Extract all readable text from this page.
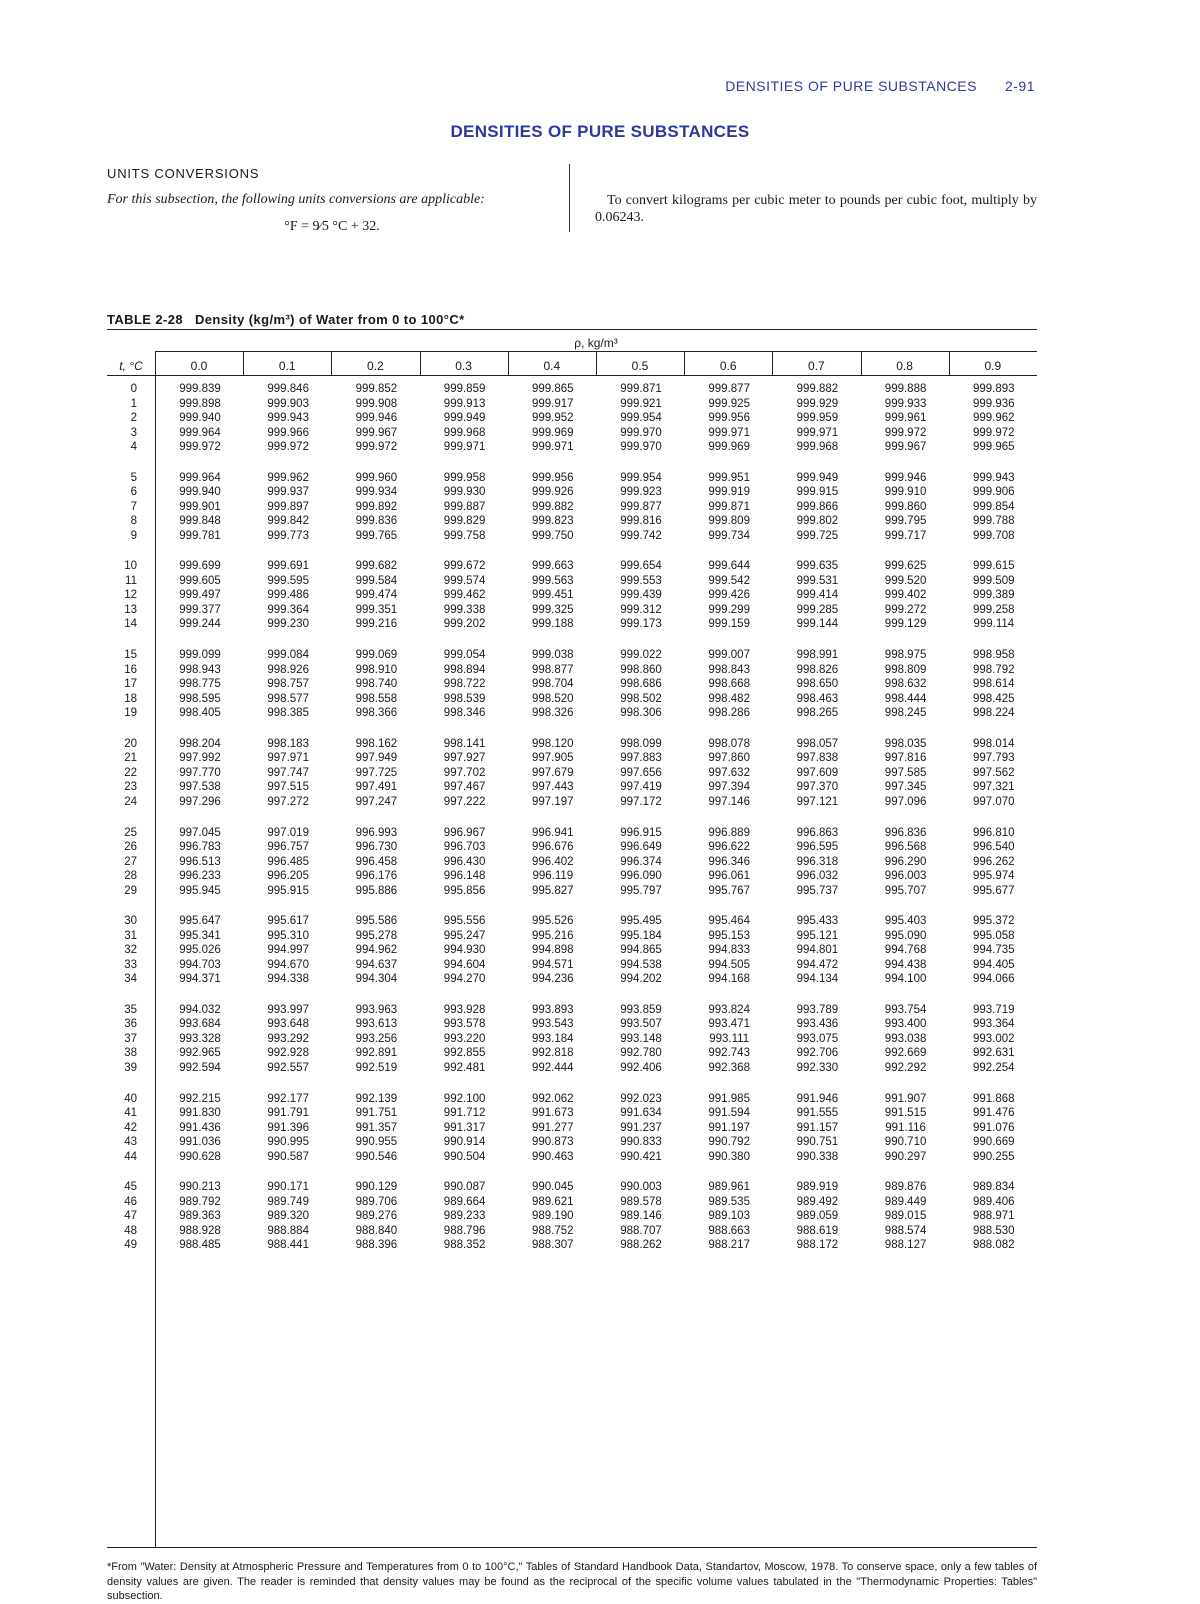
DENSITIES OF PURE SUBSTANCES 2-91
DENSITIES OF PURE SUBSTANCES
UNITS CONVERSIONS
For this subsection, the following units conversions are applicable:
°F = 9⁄5 °C + 32.
To convert kilograms per cubic meter to pounds per cubic foot, multiply by 0.06243.
TABLE 2-28 Density (kg/m³) of Water from 0 to 100°C*
ρ, kg/m³
t, °C	0.0	0.1	0.2	0.3	0.4	0.5	0.6	0.7	0.8	0.9
0	999.839	999.846	999.852	999.859	999.865	999.871	999.877	999.882	999.888	999.893
1	999.898	999.903	999.908	999.913	999.917	999.921	999.925	999.929	999.933	999.936
2	999.940	999.943	999.946	999.949	999.952	999.954	999.956	999.959	999.961	999.962
3	999.964	999.966	999.967	999.968	999.969	999.970	999.971	999.971	999.972	999.972
4	999.972	999.972	999.972	999.971	999.971	999.970	999.969	999.968	999.967	999.965
5	999.964	999.962	999.960	999.958	999.956	999.954	999.951	999.949	999.946	999.943
6	999.940	999.937	999.934	999.930	999.926	999.923	999.919	999.915	999.910	999.906
7	999.901	999.897	999.892	999.887	999.882	999.877	999.871	999.866	999.860	999.854
8	999.848	999.842	999.836	999.829	999.823	999.816	999.809	999.802	999.795	999.788
9	999.781	999.773	999.765	999.758	999.750	999.742	999.734	999.725	999.717	999.708
10	999.699	999.691	999.682	999.672	999.663	999.654	999.644	999.635	999.625	999.615
11	999.605	999.595	999.584	999.574	999.563	999.553	999.542	999.531	999.520	999.509
12	999.497	999.486	999.474	999.462	999.451	999.439	999.426	999.414	999.402	999.389
13	999.377	999.364	999.351	999.338	999.325	999.312	999.299	999.285	999.272	999.258
14	999.244	999.230	999.216	999.202	999.188	999.173	999.159	999.144	999.129	999.114
15	999.099	999.084	999.069	999.054	999.038	999.022	999.007	998.991	998.975	998.958
16	998.943	998.926	998.910	998.894	998.877	998.860	998.843	998.826	998.809	998.792
17	998.775	998.757	998.740	998.722	998.704	998.686	998.668	998.650	998.632	998.614
18	998.595	998.577	998.558	998.539	998.520	998.502	998.482	998.463	998.444	998.425
19	998.405	998.385	998.366	998.346	998.326	998.306	998.286	998.265	998.245	998.224
20	998.204	998.183	998.162	998.141	998.120	998.099	998.078	998.057	998.035	998.014
21	997.992	997.971	997.949	997.927	997.905	997.883	997.860	997.838	997.816	997.793
22	997.770	997.747	997.725	997.702	997.679	997.656	997.632	997.609	997.585	997.562
23	997.538	997.515	997.491	997.467	997.443	997.419	997.394	997.370	997.345	997.321
24	997.296	997.272	997.247	997.222	997.197	997.172	997.146	997.121	997.096	997.070
25	997.045	997.019	996.993	996.967	996.941	996.915	996.889	996.863	996.836	996.810
26	996.783	996.757	996.730	996.703	996.676	996.649	996.622	996.595	996.568	996.540
27	996.513	996.485	996.458	996.430	996.402	996.374	996.346	996.318	996.290	996.262
28	996.233	996.205	996.176	996.148	996.119	996.090	996.061	996.032	996.003	995.974
29	995.945	995.915	995.886	995.856	995.827	995.797	995.767	995.737	995.707	995.677
30	995.647	995.617	995.586	995.556	995.526	995.495	995.464	995.433	995.403	995.372
31	995.341	995.310	995.278	995.247	995.216	995.184	995.153	995.121	995.090	995.058
32	995.026	994.997	994.962	994.930	994.898	994.865	994.833	994.801	994.768	994.735
33	994.703	994.670	994.637	994.604	994.571	994.538	994.505	994.472	994.438	994.405
34	994.371	994.338	994.304	994.270	994.236	994.202	994.168	994.134	994.100	994.066
35	994.032	993.997	993.963	993.928	993.893	993.859	993.824	993.789	993.754	993.719
36	993.684	993.648	993.613	993.578	993.543	993.507	993.471	993.436	993.400	993.364
37	993.328	993.292	993.256	993.220	993.184	993.148	993.111	993.075	993.038	993.002
38	992.965	992.928	992.891	992.855	992.818	992.780	992.743	992.706	992.669	992.631
39	992.594	992.557	992.519	992.481	992.444	992.406	992.368	992.330	992.292	992.254
40	992.215	992.177	992.139	992.100	992.062	992.023	991.985	991.946	991.907	991.868
41	991.830	991.791	991.751	991.712	991.673	991.634	991.594	991.555	991.515	991.476
42	991.436	991.396	991.357	991.317	991.277	991.237	991.197	991.157	991.116	991.076
43	991.036	990.995	990.955	990.914	990.873	990.833	990.792	990.751	990.710	990.669
44	990.628	990.587	990.546	990.504	990.463	990.421	990.380	990.338	990.297	990.255
45	990.213	990.171	990.129	990.087	990.045	990.003	989.961	989.919	989.876	989.834
46	989.792	989.749	989.706	989.664	989.621	989.578	989.535	989.492	989.449	989.406
47	989.363	989.320	989.276	989.233	989.190	989.146	989.103	989.059	989.015	988.971
48	988.928	988.884	988.840	988.796	988.752	988.707	988.663	988.619	988.574	988.530
49	988.485	988.441	988.396	988.352	988.307	988.262	988.217	988.172	988.127	988.082
*From "Water: Density at Atmospheric Pressure and Temperatures from 0 to 100°C," Tables of Standard Handbook Data, Standartov, Moscow, 1978. To conserve space, only a few tables of density values are given. The reader is reminded that density values may be found as the reciprocal of the specific volume values tabulated in the "Thermodynamic Properties: Tables" subsection.
